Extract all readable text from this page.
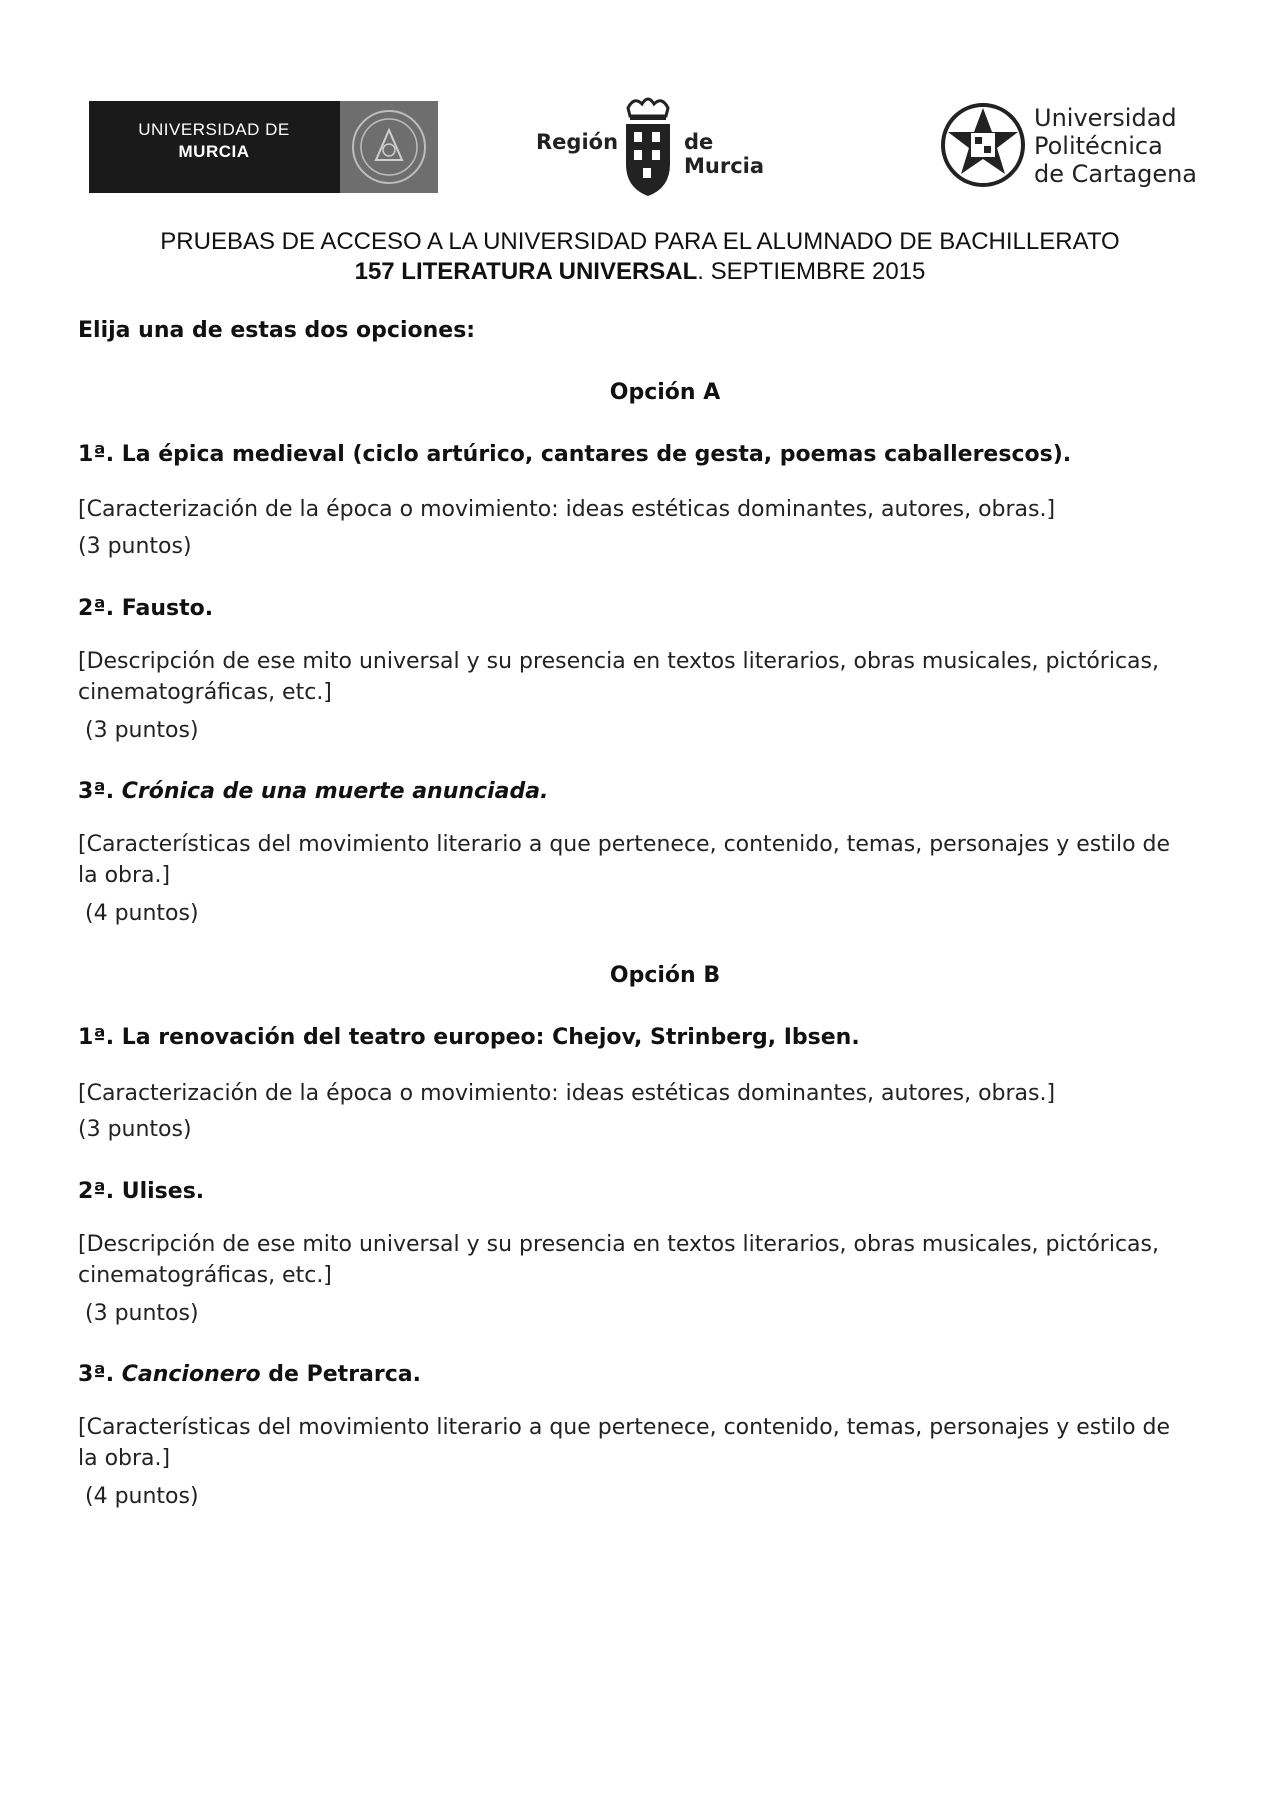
UNIVERSIDAD DE
MURCIA	Región	de Murcia
Universidad
Politécnica
de Cartagena
PRUEBAS DE ACCESO A LA UNIVERSIDAD PARA EL ALUMNADO DE BACHILLERATO
157 LITERATURA UNIVERSAL. SEPTIEMBRE 2015
Elija una de estas dos opciones:
Opción A
1ª. La épica medieval (ciclo artúrico, cantares de gesta, poemas caballerescos).
[Caracterización de la época o movimiento: ideas estéticas dominantes, autores, obras.]
(3 puntos)
2ª. Fausto.
[Descripción de ese mito universal y su presencia en textos literarios, obras musicales, pictóricas,
cinematográficas, etc.]
(3 puntos)
3ª. Crónica de una muerte anunciada.
[Características del movimiento literario a que pertenece, contenido, temas, personajes y estilo de
la obra.]
(4 puntos)
Opción B
1ª. La renovación del teatro europeo: Chejov, Strinberg, Ibsen.
[Caracterización de la época o movimiento: ideas estéticas dominantes, autores, obras.]
(3 puntos)
2ª. Ulises.
[Descripción de ese mito universal y su presencia en textos literarios, obras musicales, pictóricas,
cinematográficas, etc.]
(3 puntos)
3ª. Cancionero de Petrarca.
[Características del movimiento literario a que pertenece, contenido, temas, personajes y estilo de
la obra.]
(4 puntos)
